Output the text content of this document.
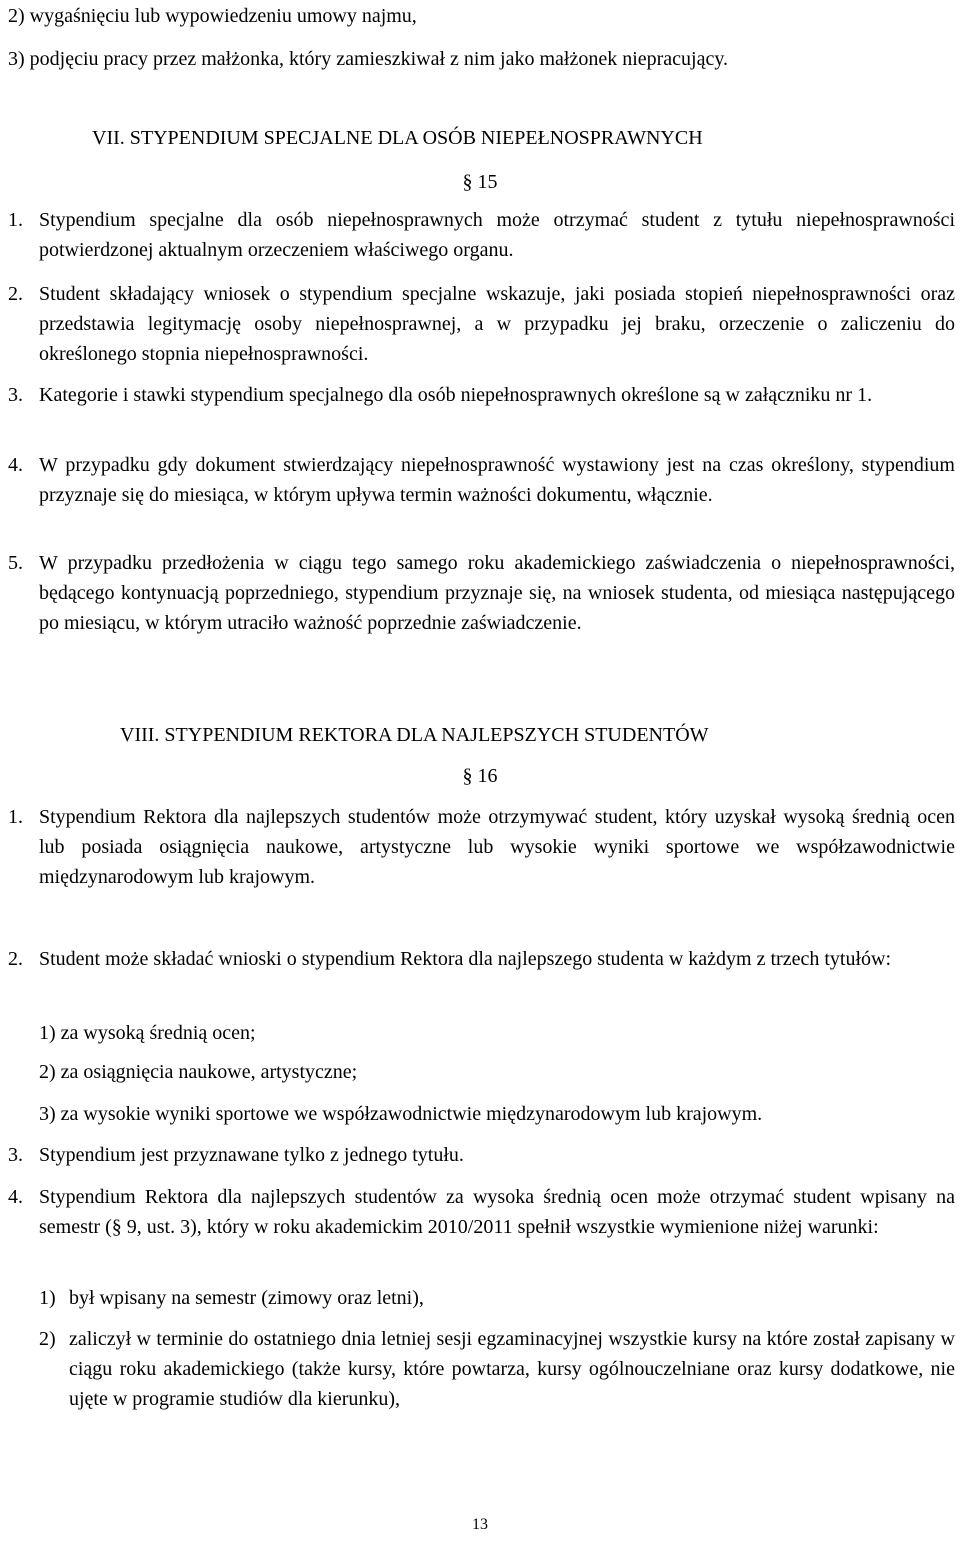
2) wygaśnięciu lub wypowiedzeniu umowy najmu,
3) podjęciu pracy przez małżonka, który zamieszkiwał z nim jako małżonek niepracujący.
VII. STYPENDIUM SPECJALNE DLA OSÓB NIEPEŁNOSPRAWNYCH
§ 15
1. Stypendium specjalne dla osób niepełnosprawnych może otrzymać student z tytułu niepełnosprawności potwierdzonej aktualnym orzeczeniem właściwego organu.
2. Student składający wniosek o stypendium specjalne wskazuje, jaki posiada stopień niepełnosprawności oraz przedstawia legitymację osoby niepełnosprawnej, a w przypadku jej braku, orzeczenie o zaliczeniu do określonego stopnia niepełnosprawności.
3. Kategorie i stawki stypendium specjalnego dla osób niepełnosprawnych określone są w załączniku nr 1.
4. W przypadku gdy dokument stwierdzający niepełnosprawność wystawiony jest na czas określony, stypendium przyznaje się do miesiąca, w którym upływa termin ważności dokumentu, włącznie.
5. W przypadku przedłożenia w ciągu tego samego roku akademickiego zaświadczenia o niepełnosprawności, będącego kontynuacją poprzedniego, stypendium przyznaje się, na wniosek studenta, od miesiąca następującego po miesiącu, w którym utraciło ważność poprzednie zaświadczenie.
VIII. STYPENDIUM REKTORA DLA NAJLEPSZYCH STUDENTÓW
§ 16
1. Stypendium Rektora dla najlepszych studentów może otrzymywać student, który uzyskał wysoką średnią ocen lub posiada osiągnięcia naukowe, artystyczne lub wysokie wyniki sportowe we współzawodnictwie międzynarodowym lub krajowym.
2. Student może składać wnioski o stypendium Rektora dla najlepszego studenta w każdym z trzech tytułów:
1) za wysoką średnią ocen;
2) za osiągnięcia naukowe, artystyczne;
3) za wysokie wyniki sportowe we współzawodnictwie międzynarodowym lub krajowym.
3. Stypendium jest przyznawane tylko z jednego tytułu.
4. Stypendium Rektora dla najlepszych studentów za wysoka średnią ocen może otrzymać student wpisany na semestr (§ 9, ust. 3), który w roku akademickim 2010/2011 spełnił wszystkie wymienione niżej warunki:
1) był wpisany na semestr (zimowy oraz letni),
2) zaliczył w terminie do ostatniego dnia letniej sesji egzaminacyjnej wszystkie kursy na które został zapisany w ciągu roku akademickiego (także kursy, które powtarza, kursy ogólnouczelniane oraz kursy dodatkowe, nie ujęte w programie studiów dla kierunku),
13
